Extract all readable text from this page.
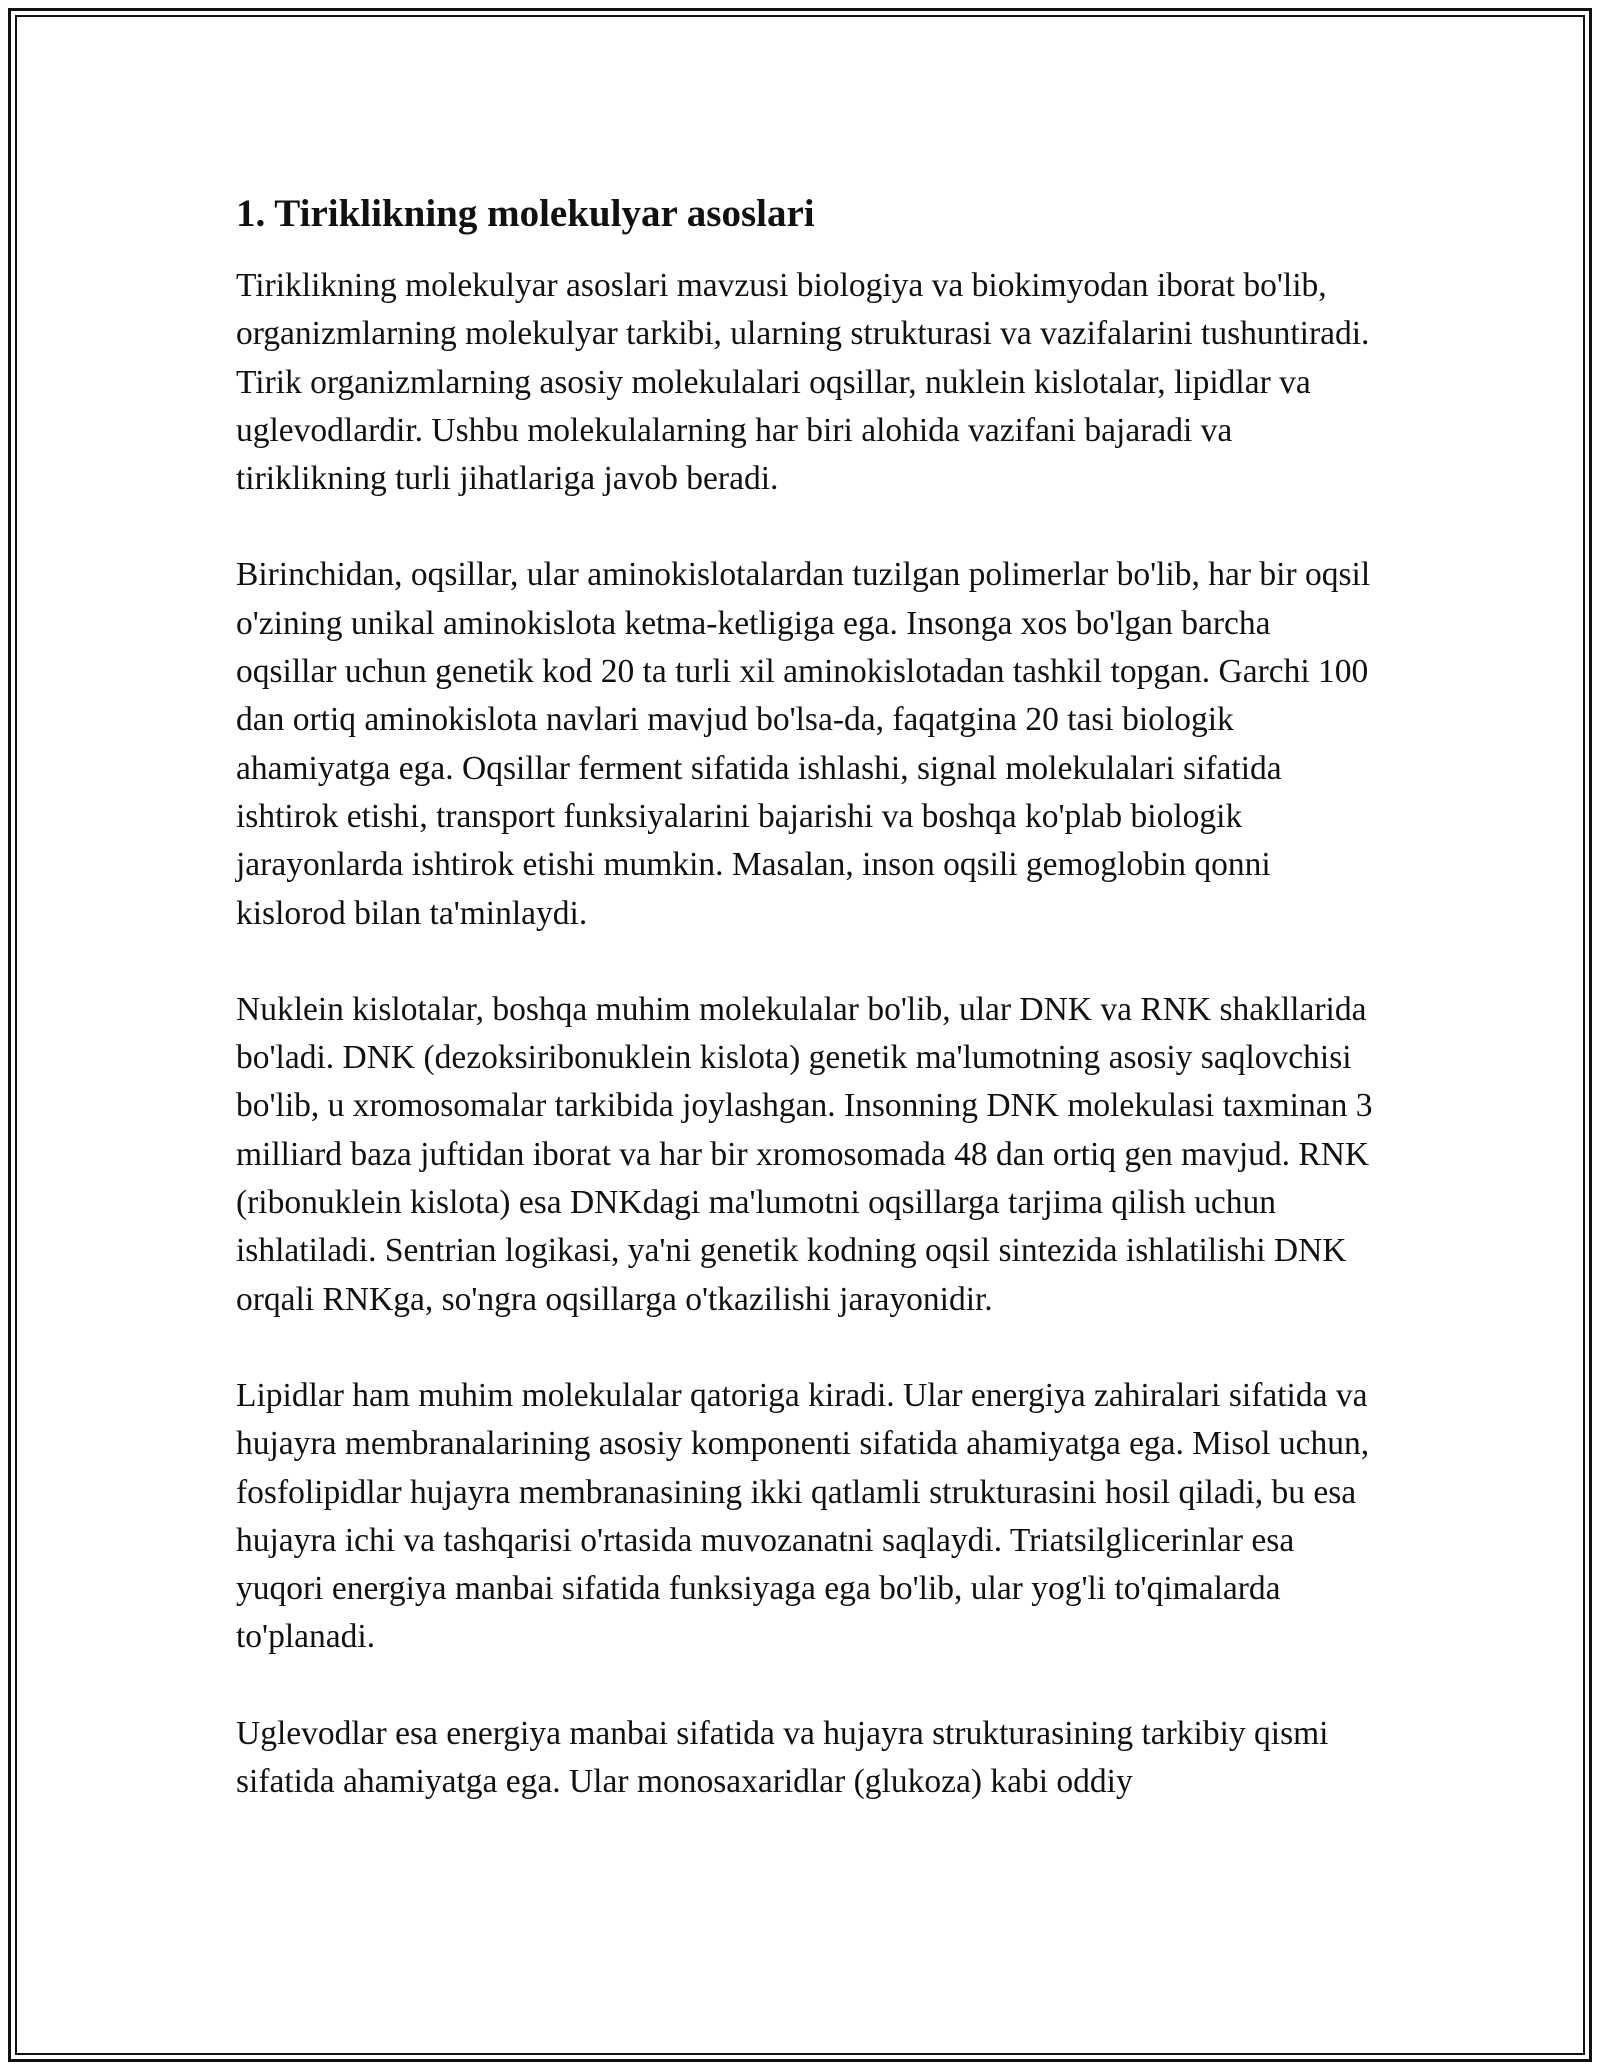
1. Tiriklikning molekulyar asoslari

Tiriklikning molekulyar asoslari mavzusi biologiya va biokimyodan iborat bo'lib, organizmlarning molekulyar tarkibi, ularning strukturasi va vazifalarini tushuntiradi. Tirik organizmlarning asosiy molekulalari oqsillar, nuklein kislotalar, lipidlar va uglevodlardir. Ushbu molekulalarning har biri alohida vazifani bajaradi va tiriklikning turli jihatlariga javob beradi.

Birinchidan, oqsillar, ular aminokislotalardan tuzilgan polimerlar bo'lib, har bir oqsil o'zining unikal aminokislota ketma-ketligiga ega. Insonga xos bo'lgan barcha oqsillar uchun genetik kod 20 ta turli xil aminokislotadan tashkil topgan. Garchi 100 dan ortiq aminokislota navlari mavjud bo'lsa-da, faqatgina 20 tasi biologik ahamiyatga ega. Oqsillar ferment sifatida ishlashi, signal molekulalari sifatida ishtirok etishi, transport funksiyalarini bajarishi va boshqa ko'plab biologik jarayonlarda ishtirok etishi mumkin. Masalan, inson oqsili gemoglobin qonni kislorod bilan ta'minlaydi.

Nuklein kislotalar, boshqa muhim molekulalar bo'lib, ular DNK va RNK shakllarida bo'ladi. DNK (dezoksiribonuklein kislota) genetik ma'lumotning asosiy saqlovchisi bo'lib, u xromosomalar tarkibida joylashgan. Insonning DNK molekulasi taxminan 3 milliard baza juftidan iborat va har bir xromosomada 48 dan ortiq gen mavjud. RNK (ribonuklein kislota) esa DNKdagi ma'lumotni oqsillarga tarjima qilish uchun ishlatiladi. Sentrian logikasi, ya'ni genetik kodning oqsil sintezida ishlatilishi DNK orqali RNKga, so'ngra oqsillarga o'tkazilishi jarayonidir.

Lipidlar ham muhim molekulalar qatoriga kiradi. Ular energiya zahiralari sifatida va hujayra membranalarining asosiy komponenti sifatida ahamiyatga ega. Misol uchun, fosfolipidlar hujayra membranasining ikki qatlamli strukturasini hosil qiladi, bu esa hujayra ichi va tashqarisi o'rtasida muvozanatni saqlaydi. Triatsilglicerinlar esa yuqori energiya manbai sifatida funksiyaga ega bo'lib, ular yog'li to'qimalarda to'planadi.

Uglevodlar esa energiya manbai sifatida va hujayra strukturasining tarkibiy qismi sifatida ahamiyatga ega. Ular monosaxaridlar (glukoza) kabi oddiy
